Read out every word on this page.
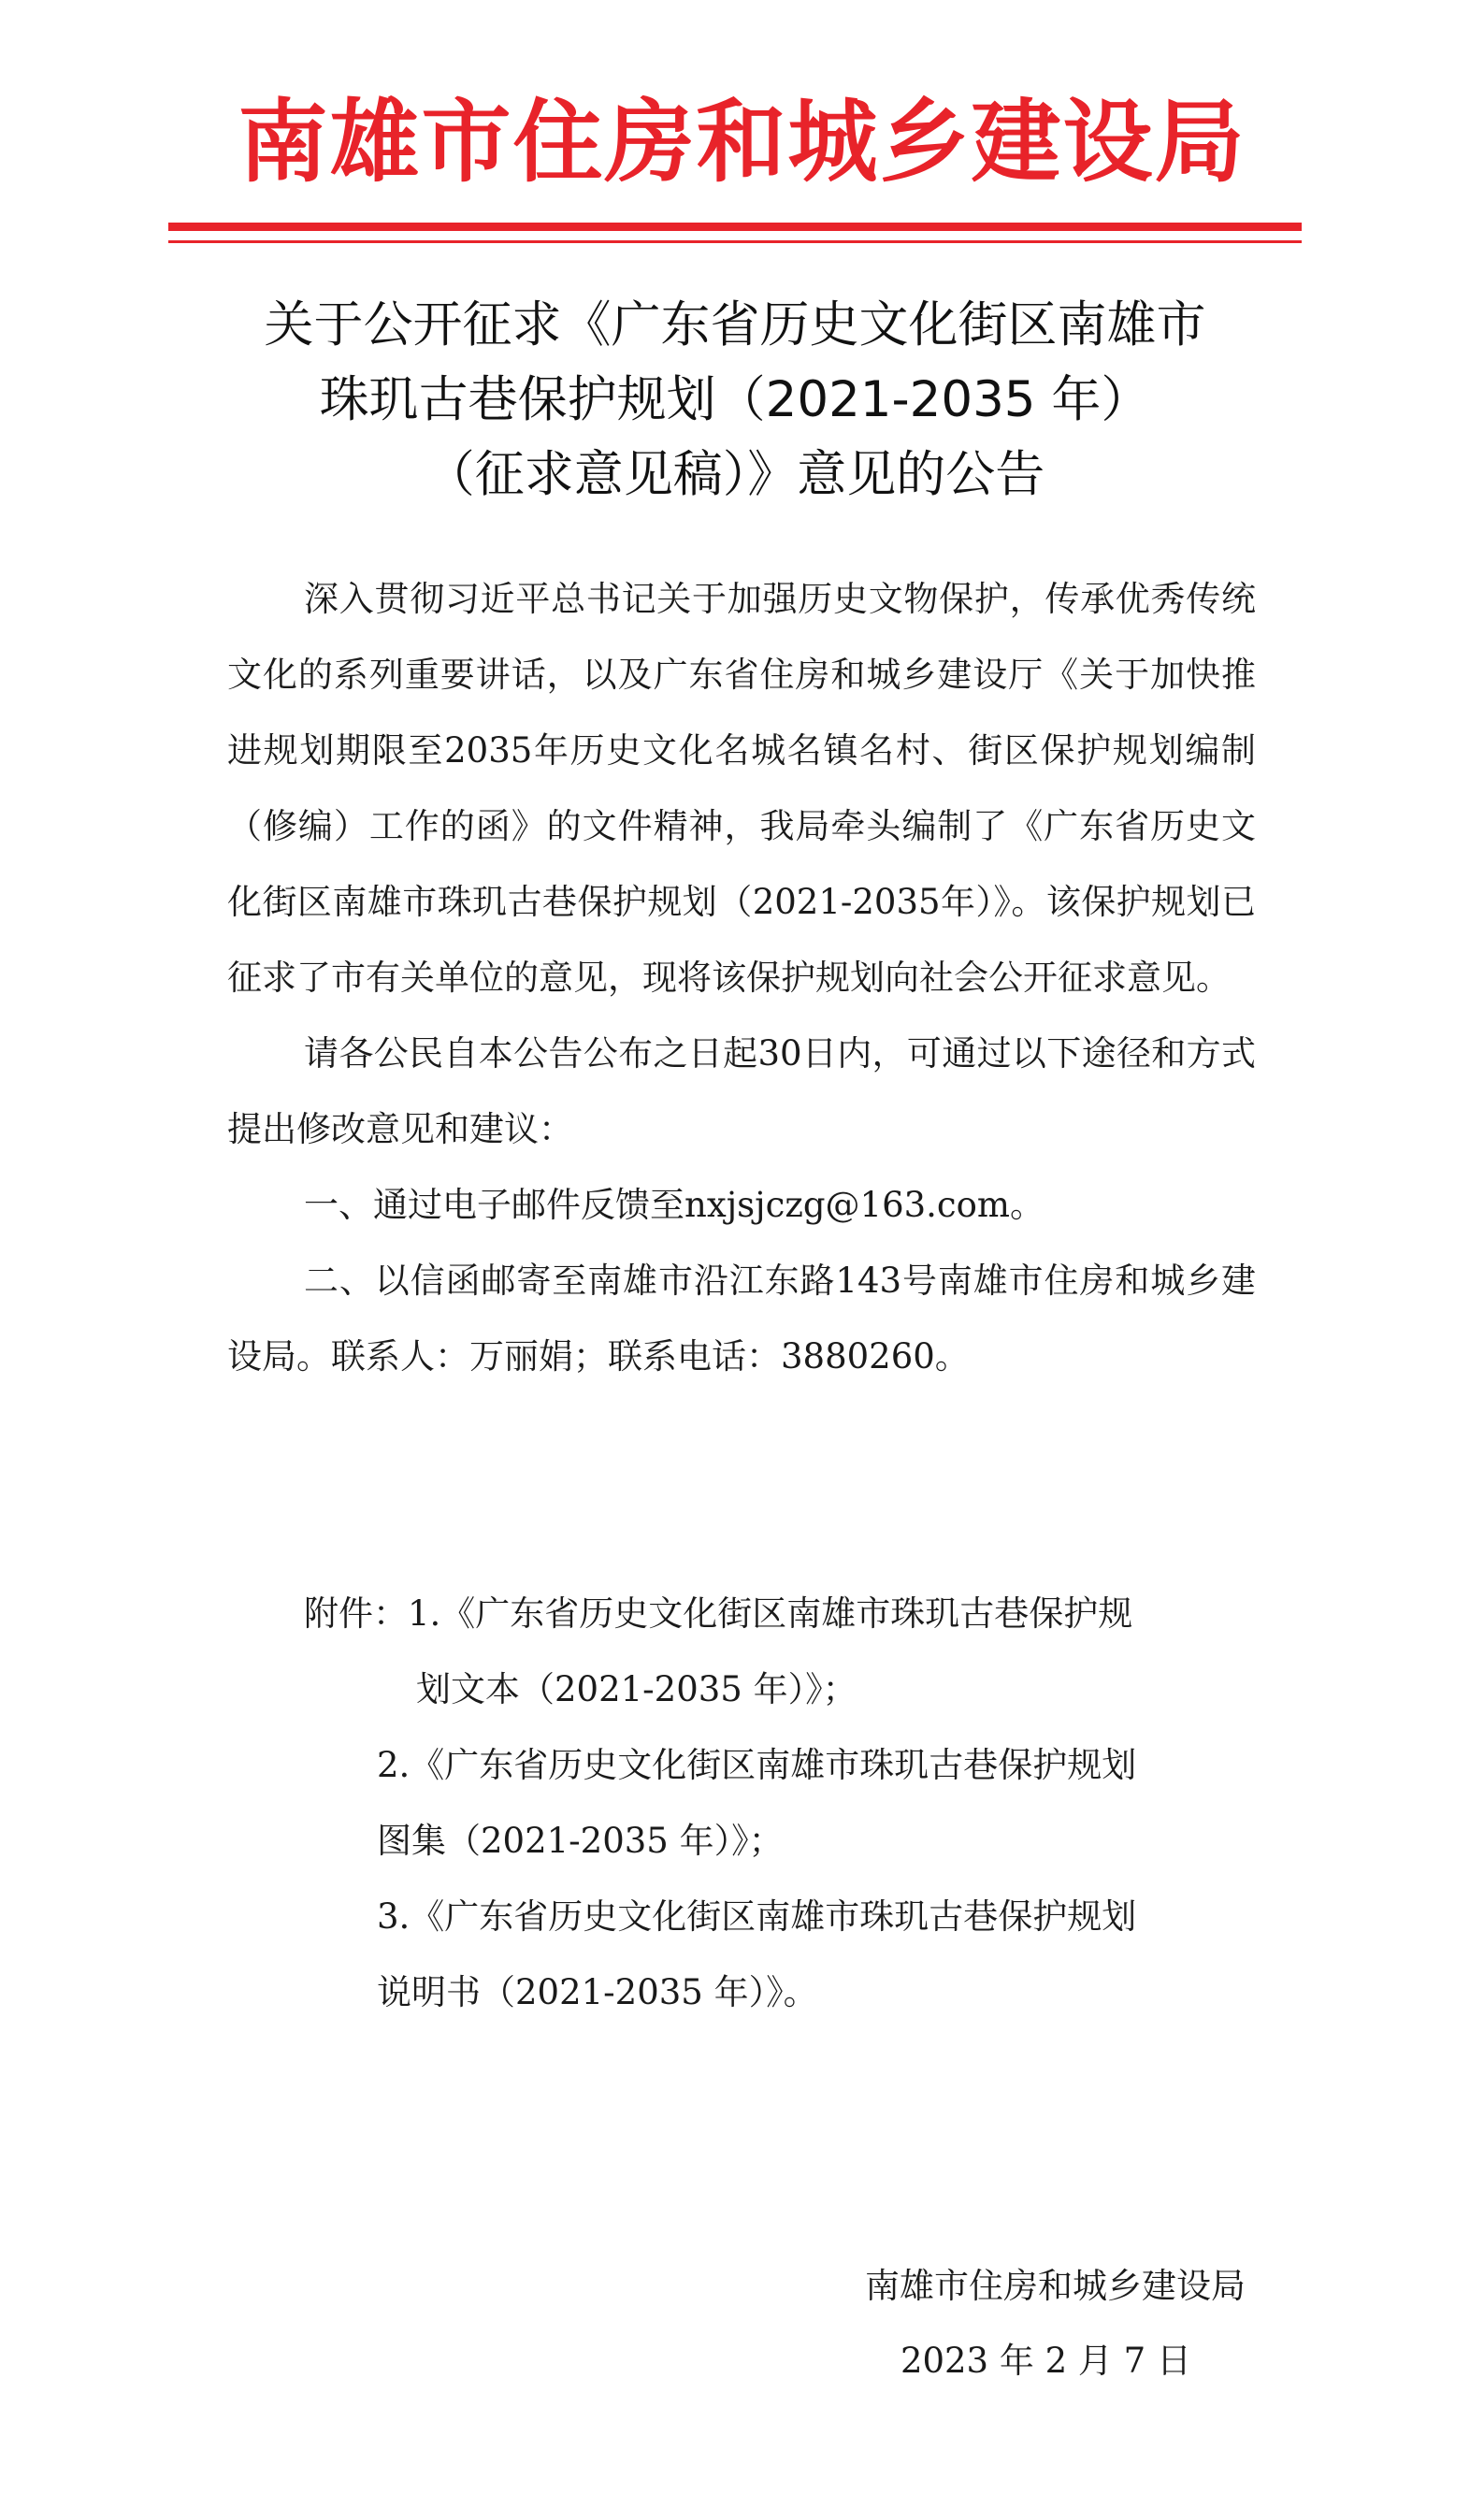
南雄市住房和城乡建设局
关于公开征求《广东省历史文化街区南雄市
珠玑古巷保护规划（2021-2035 年）
（征求意见稿）》意见的公告

深入贯彻习近平总书记关于加强历史文物保护，传承优秀传统文化的系列重要讲话，以及广东省住房和城乡建设厅《关于加快推进规划期限至2035年历史文化名城名镇名村、街区保护规划编制（修编）工作的函》的文件精神，我局牵头编制了《广东省历史文化街区南雄市珠玑古巷保护规划（2021-2035年）》。该保护规划已征求了市有关单位的意见，现将该保护规划向社会公开征求意见。

请各公民自本公告公布之日起30日内，可通过以下途径和方式提出修改意见和建议：

一、通过电子邮件反馈至nxjsjczg@163.com。

二、以信函邮寄至南雄市沿江东路143号南雄市住房和城乡建设局。联系人：万丽娟；联系电话：3880260。

附件：1.《广东省历史文化街区南雄市珠玑古巷保护规
划文本（2021-2035 年）》；
2.《广东省历史文化街区南雄市珠玑古巷保护规划
图集（2021-2035 年）》；
3.《广东省历史文化街区南雄市珠玑古巷保护规划
说明书（2021-2035 年）》。
南雄市住房和城乡建设局
2023 年 2 月 7 日
